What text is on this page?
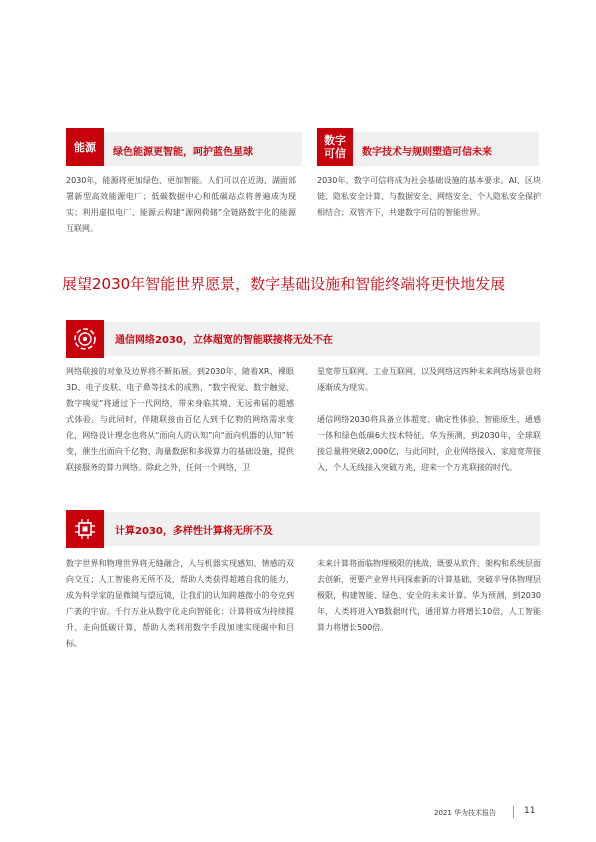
能源	绿色能源更智能，呵护蓝色星球
2030年，能源将更加绿色、更加智能。人们可以在近海、湖面部署新型高效能源电厂；低碳数据中心和低碳站点将普遍成为现实；利用虚拟电厂、能源云构建“源网荷储”全链路数字化的能源互联网。
数字可信	数字技术与规则塑造可信未来
2030年，数字可信将成为社会基础设施的基本要求。AI、区块链、隐私安全计算、与数据安全、网络安全、个人隐私安全保护相结合；双管齐下，共建数字可信的智能世界。
展望2030年智能世界愿景，数字基础设施和智能终端将更快地发展
通信网络2030，立体超宽的智能联接将无处不在
网络联接的对象及边界将不断拓展。到2030年，随着XR、裸眼3D、电子皮肤、电子鼻等技术的成熟，“数字视觉、数字触觉、数字嗅觉”将通过下一代网络，带来身临其境、无远弗届的超感式体验。与此同时，伴随联接由百亿人到千亿物的网络需求变化，网络设计理念也将从“面向人的认知”向“面向机器的认知”转变，催生出面向千亿物、海量数据和多级算力的基础设施，提供联接服务的算力网络。除此之外，任何一个网络，卫
星宽带互联网、工业互联网，以及网络这四种未来网络场景也将逐渐成为现实。
通信网络2030将具备立体超宽、确定性体验、智能原生、通感一体和绿色低碳6大技术特征。华为预测，到2030年，全球联接总量将突破2,000亿，与此同时，企业网络接入、家庭宽带接入，个人无线接入突破万兆，迎来一个万兆联接的时代。
计算2030，多样性计算将无所不及
数字世界和物理世界将无缝融合，人与机器实现感知、情感的双向交互；人工智能将无所不及，帮助人类获得超越自我的能力，成为科学家的显微镜与望远镜，让我们的认知跨越微小的夸克到广袤的宇宙。千行万业从数字化走向智能化；计算将成为持续提升，走向低碳计算，帮助人类利用数字手段加速实现碳中和目标。
未来计算将面临物理极限的挑战，既要从软件、架构和系统层面去创新，更要产业界共同探索新的计算基础、突破半导体物理层极限，构建智能、绿色、安全的未来计算。华为预测，到2030年，人类将进入YB数据时代，通用算力将增长10倍，人工智能算力将增长500倍。
2021 华为技术报告	11
